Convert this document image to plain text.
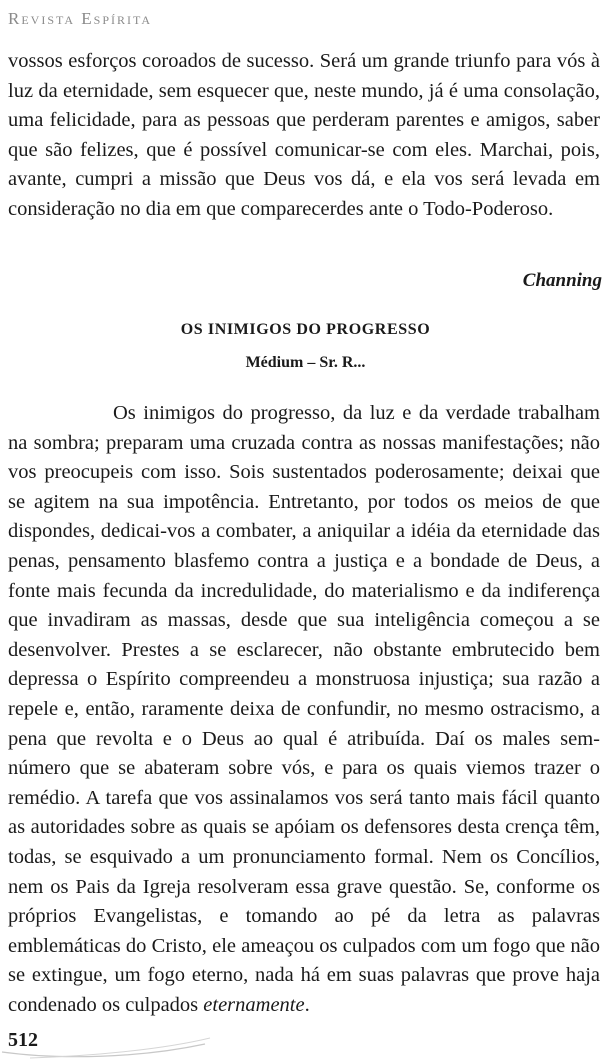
Revista Espírita

vossos esforços coroados de sucesso. Será um grande triunfo para vós à luz da eternidade, sem esquecer que, neste mundo, já é uma consolação, uma felicidade, para as pessoas que perderam parentes e amigos, saber que são felizes, que é possível comunicar-se com eles. Marchai, pois, avante, cumpri a missão que Deus vos dá, e ela vos será levada em consideração no dia em que comparecerdes ante o Todo-Poderoso.

Channing
OS INIMIGOS DO PROGRESSO
Médium – Sr. R...

Os inimigos do progresso, da luz e da verdade trabalham na sombra; preparam uma cruzada contra as nossas manifestações; não vos preocupeis com isso. Sois sustentados poderosamente; deixai que se agitem na sua impotência. Entretanto, por todos os meios de que dispondes, dedicai-vos a combater, a aniquilar a idéia da eternidade das penas, pensamento blasfemo contra a justiça e a bondade de Deus, a fonte mais fecunda da incredulidade, do materialismo e da indiferença que invadiram as massas, desde que sua inteligência começou a se desenvolver. Prestes a se esclarecer, não obstante embrutecido bem depressa o Espírito compreendeu a monstruosa injustiça; sua razão a repele e, então, raramente deixa de confundir, no mesmo ostracismo, a pena que revolta e o Deus ao qual é atribuída. Daí os males sem-número que se abateram sobre vós, e para os quais viemos trazer o remédio. A tarefa que vos assinalamos vos será tanto mais fácil quanto as autoridades sobre as quais se apóiam os defensores desta crença têm, todas, se esquivado a um pronunciamento formal. Nem os Concílios, nem os Pais da Igreja resolveram essa grave questão. Se, conforme os próprios Evangelistas, e tomando ao pé da letra as palavras emblemáticas do Cristo, ele ameaçou os culpados com um fogo que não se extingue, um fogo eterno, nada há em suas palavras que prove haja condenado os culpados eternamente.

512
